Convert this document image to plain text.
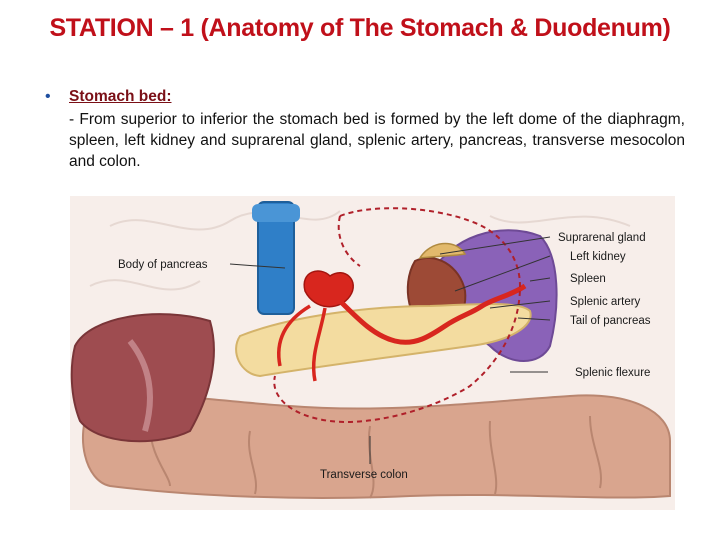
STATION – 1 (Anatomy of The Stomach & Duodenum)
•	Stomach bed:
- From superior to inferior the stomach bed is formed by the left dome of the diaphragm, spleen, left kidney and suprarenal gland, splenic artery, pancreas, transverse mesocolon and colon.
Body of pancreas
Suprarenal gland
Left kidney
Spleen
Splenic artery
Tail of pancreas
Splenic flexure
Transverse colon
